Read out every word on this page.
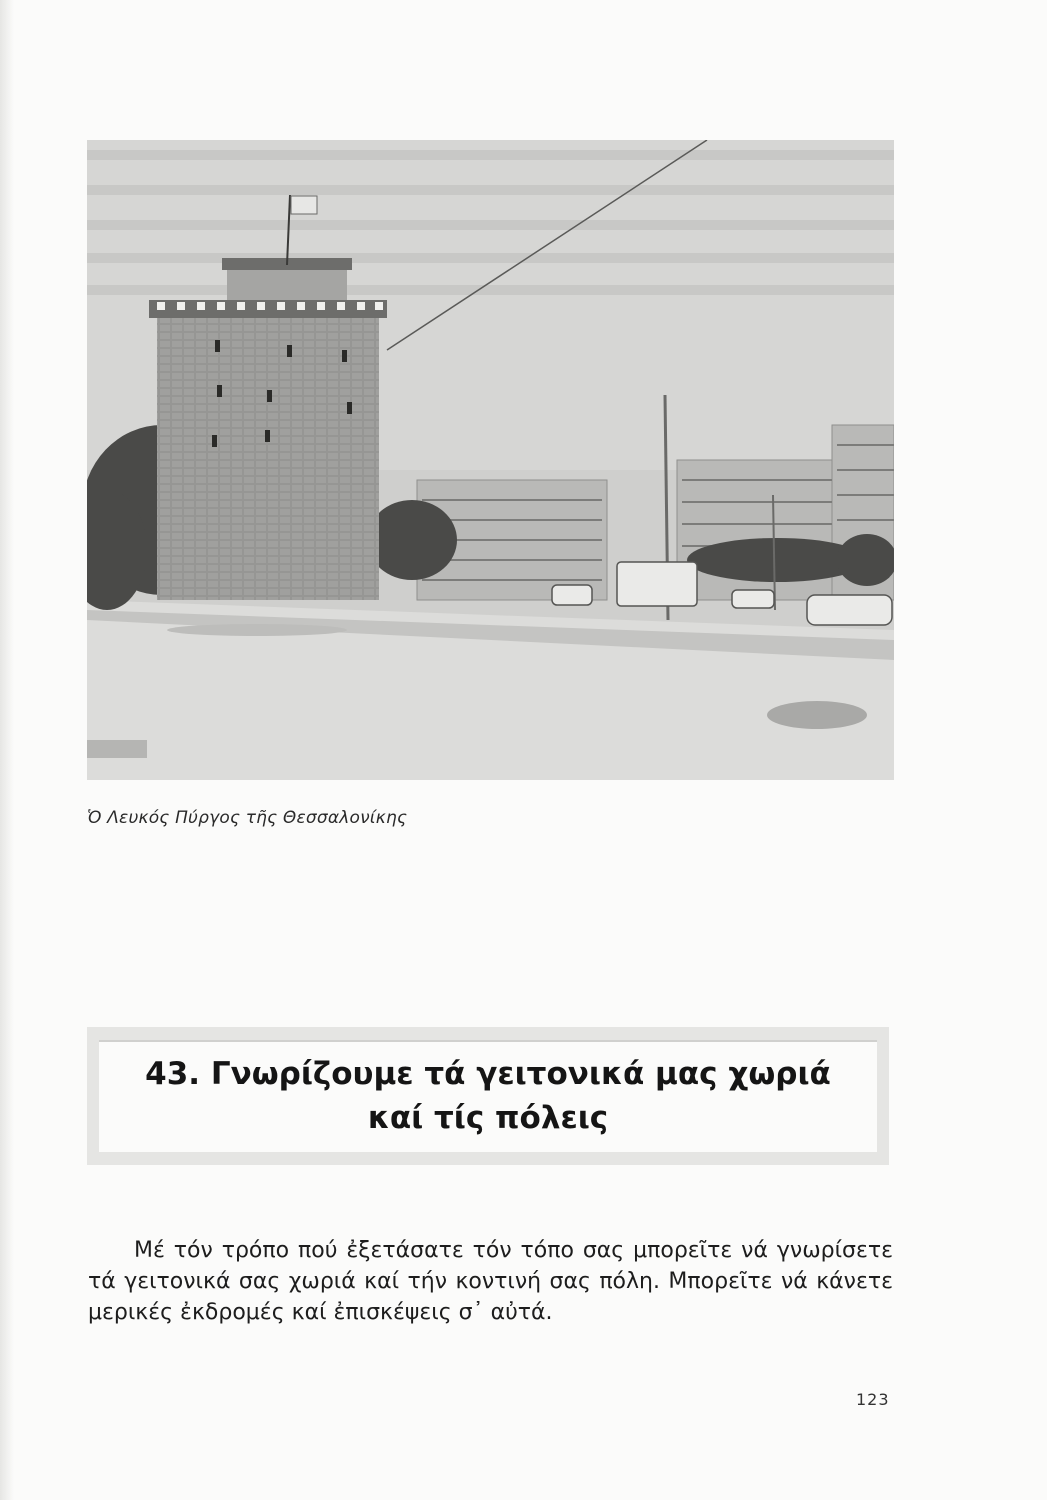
Ὁ Λευκός Πύργος τῆς Θεσσαλονίκης
43. Γνωρίζουμε τά γειτονικά μας χωριά
καί τίς πόλεις

Μέ τόν τρόπο πού ἐξετάσατε τόν τόπο σας μπορεῖτε νά γνωρίσετε τά γειτονικά σας χωριά καί τήν κοντινή σας πόλη. Μπορεῖτε νά κάνετε μερικές ἐκδρομές καί ἐπισκέψεις σ᾽ αὐτά.

123
